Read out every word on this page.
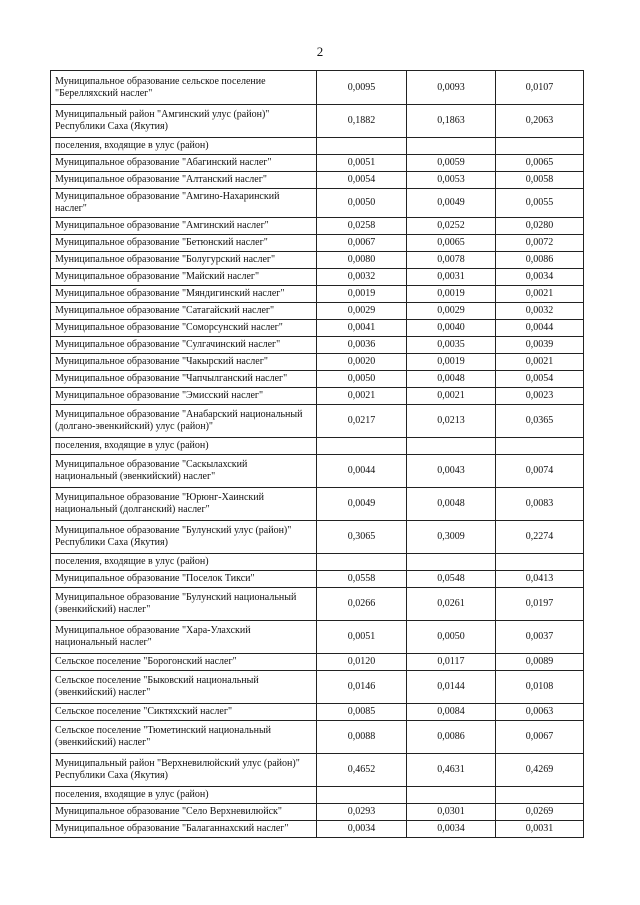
2
Муниципальное образование сельское поселение "Берелляхский наслег"	0,0095	0,0093	0,0107
Муниципальный район "Амгинский улус (район)" Республики Саха (Якутия)	0,1882	0,1863	0,2063
поселения, входящие в улус (район)			
Муниципальное образование "Абагинский наслег"	0,0051	0,0059	0,0065
Муниципальное образование "Алтанский наслег"	0,0054	0,0053	0,0058
Муниципальное образование "Амгино-Нахаринский наслег"	0,0050	0,0049	0,0055
Муниципальное образование "Амгинский наслег"	0,0258	0,0252	0,0280
Муниципальное образование "Бетюнский наслег"	0,0067	0,0065	0,0072
Муниципальное образование "Болугурский наслег"	0,0080	0,0078	0,0086
Муниципальное образование "Майский наслег"	0,0032	0,0031	0,0034
Муниципальное образование "Мяндигинский наслег"	0,0019	0,0019	0,0021
Муниципальное образование "Сатагайский наслег"	0,0029	0,0029	0,0032
Муниципальное образование "Соморсунский наслег"	0,0041	0,0040	0,0044
Муниципальное образование "Сулгачинский наслег"	0,0036	0,0035	0,0039
Муниципальное образование "Чакырский наслег"	0,0020	0,0019	0,0021
Муниципальное образование "Чапчылганский наслег"	0,0050	0,0048	0,0054
Муниципальное образование "Эмисский наслег"	0,0021	0,0021	0,0023
Муниципальное образование "Анабарский национальный (долгано-эвенкийский) улус (район)"	0,0217	0,0213	0,0365
поселения, входящие в улус (район)			
Муниципальное образование "Саскылахский национальный (эвенкийский) наслег"	0,0044	0,0043	0,0074
Муниципальное образование "Юрюнг-Хаинский национальный (долганский) наслег"	0,0049	0,0048	0,0083
Муниципальное образование "Булунский улус (район)" Республики Саха (Якутия)	0,3065	0,3009	0,2274
поселения, входящие в улус (район)			
Муниципальное образование "Поселок Тикси"	0,0558	0,0548	0,0413
Муниципальное образование "Булунский национальный (эвенкийский) наслег"	0,0266	0,0261	0,0197
Муниципальное образование "Хара-Улахский национальный наслег"	0,0051	0,0050	0,0037
Сельское поселение "Борогонский наслег"	0,0120	0,0117	0,0089
Сельское поселение "Быковский национальный (эвенкийский) наслег"	0,0146	0,0144	0,0108
Сельское поселение "Сиктяхский наслег"	0,0085	0,0084	0,0063
Сельское поселение "Тюметинский национальный (эвенкийский) наслег"	0,0088	0,0086	0,0067
Муниципальный район "Верхневилюйский улус (район)" Республики Саха (Якутия)	0,4652	0,4631	0,4269
поселения, входящие в улус (район)			
Муниципальное образование "Село Верхневилюйск"	0,0293	0,0301	0,0269
Муниципальное образование "Балаганнахский наслег"	0,0034	0,0034	0,0031
